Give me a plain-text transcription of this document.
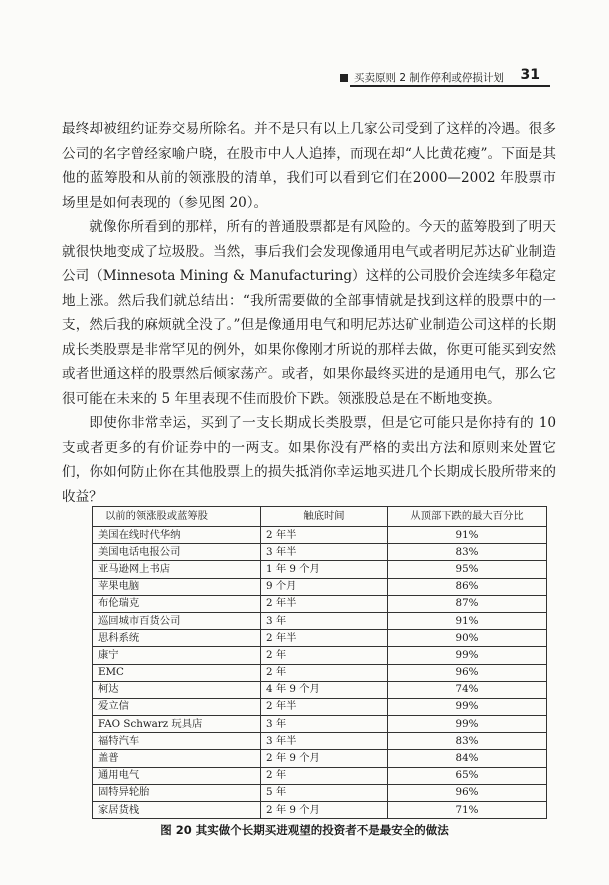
买卖原则 2 制作停利或停损计划 31

最终却被纽约证券交易所除名。并不是只有以上几家公司受到了这样的冷遇。很多公司的名字曾经家喻户晓，在股市中人人追捧，而现在却“人比黄花瘦”。下面是其他的蓝筹股和从前的领涨股的清单，我们可以看到它们在2000—2002 年股票市场里是如何表现的（参见图 20）。

就像你所看到的那样，所有的普通股票都是有风险的。今天的蓝筹股到了明天就很快地变成了垃圾股。当然，事后我们会发现像通用电气或者明尼苏达矿业制造公司（Minnesota Mining & Manufacturing）这样的公司股价会连续多年稳定地上涨。然后我们就总结出：“我所需要做的全部事情就是找到这样的股票中的一支，然后我的麻烦就全没了。”但是像通用电气和明尼苏达矿业制造公司这样的长期成长类股票是非常罕见的例外，如果你像刚才所说的那样去做，你更可能买到安然或者世通这样的股票然后倾家荡产。或者，如果你最终买进的是通用电气，那么它很可能在未来的 5 年里表现不佳而股价下跌。领涨股总是在不断地变换。

即使你非常幸运，买到了一支长期成长类股票，但是它可能只是你持有的 10 支或者更多的有价证券中的一两支。如果你没有严格的卖出方法和原则来处置它们，你如何防止你在其他股票上的损失抵消你幸运地买进几个长期成长股所带来的收益？

以前的领涨股或蓝筹股	触底时间	从顶部下跌的最大百分比
美国在线时代华纳	2 年半	91%
美国电话电报公司	3 年半	83%
亚马逊网上书店	1 年 9 个月	95%
苹果电脑	9 个月	86%
布伦瑞克	2 年半	87%
巡回城市百货公司	3 年	91%
思科系统	2 年半	90%
康宁	2 年	99%
EMC	2 年	96%
柯达	4 年 9 个月	74%
爱立信	2 年半	99%
FAO Schwarz 玩具店	3 年	99%
福特汽车	3 年半	83%
盖普	2 年 9 个月	84%
通用电气	2 年	65%
固特异轮胎	5 年	96%
家居货栈	2 年 9 个月	71%
图 20 其实做个长期买进观望的投资者不是最安全的做法
